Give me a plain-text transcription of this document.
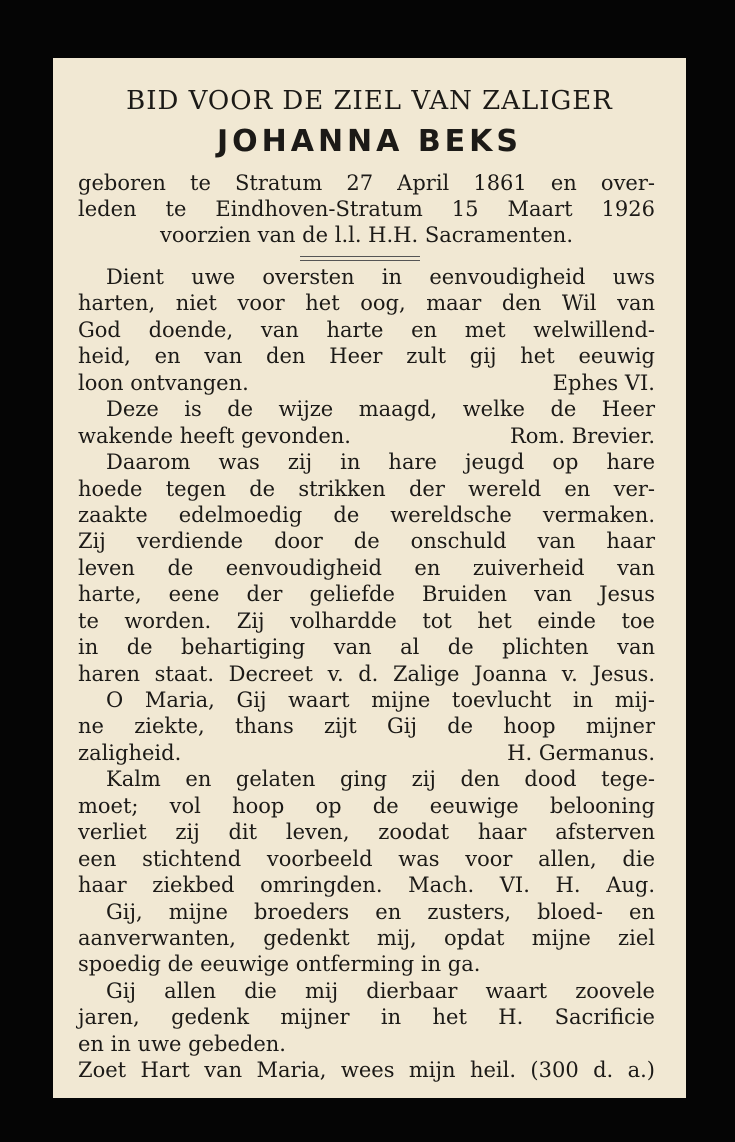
BID VOOR DE ZIEL VAN ZALIGER
JOHANNA BEKS
geboren te Stratum 27 April 1861 en over-
leden te Eindhoven-Stratum 15 Maart 1926
voorzien van de l.l. H.H. Sacramenten.
Dient uwe oversten in eenvoudigheid uws
harten, niet voor het oog, maar den Wil van
God doende, van harte en met welwillend-
heid, en van den Heer zult gij het eeuwig
loon ontvangen.	Ephes VI.
Deze is de wijze maagd, welke de Heer
wakende heeft gevonden.	Rom. Brevier.
Daarom was zij in hare jeugd op hare
hoede tegen de strikken der wereld en ver-
zaakte edelmoedig de wereldsche vermaken.
Zij verdiende door de onschuld van haar
leven de eenvoudigheid en zuiverheid van
harte, eene der geliefde Bruiden van Jesus
te worden. Zij volhardde tot het einde toe
in de behartiging van al de plichten van
haren staat. Decreet v. d. Zalige Joanna v. Jesus.
O Maria, Gij waart mijne toevlucht in mij-
ne ziekte, thans zijt Gij de hoop mijner
zaligheid.	H. Germanus.
Kalm en gelaten ging zij den dood tege-
moet; vol hoop op de eeuwige belooning
verliet zij dit leven, zoodat haar afsterven
een stichtend voorbeeld was voor allen, die
haar ziekbed omringden. Mach. VI. H. Aug.
Gij, mijne broeders en zusters, bloed- en
aanverwanten, gedenkt mij, opdat mijne ziel
spoedig de eeuwige ontferming in ga.
Gij allen die mij dierbaar waart zoovele
jaren, gedenk mijner in het H. Sacrificie
en in uwe gebeden.
Zoet Hart van Maria, wees mijn heil. (300 d. a.)
